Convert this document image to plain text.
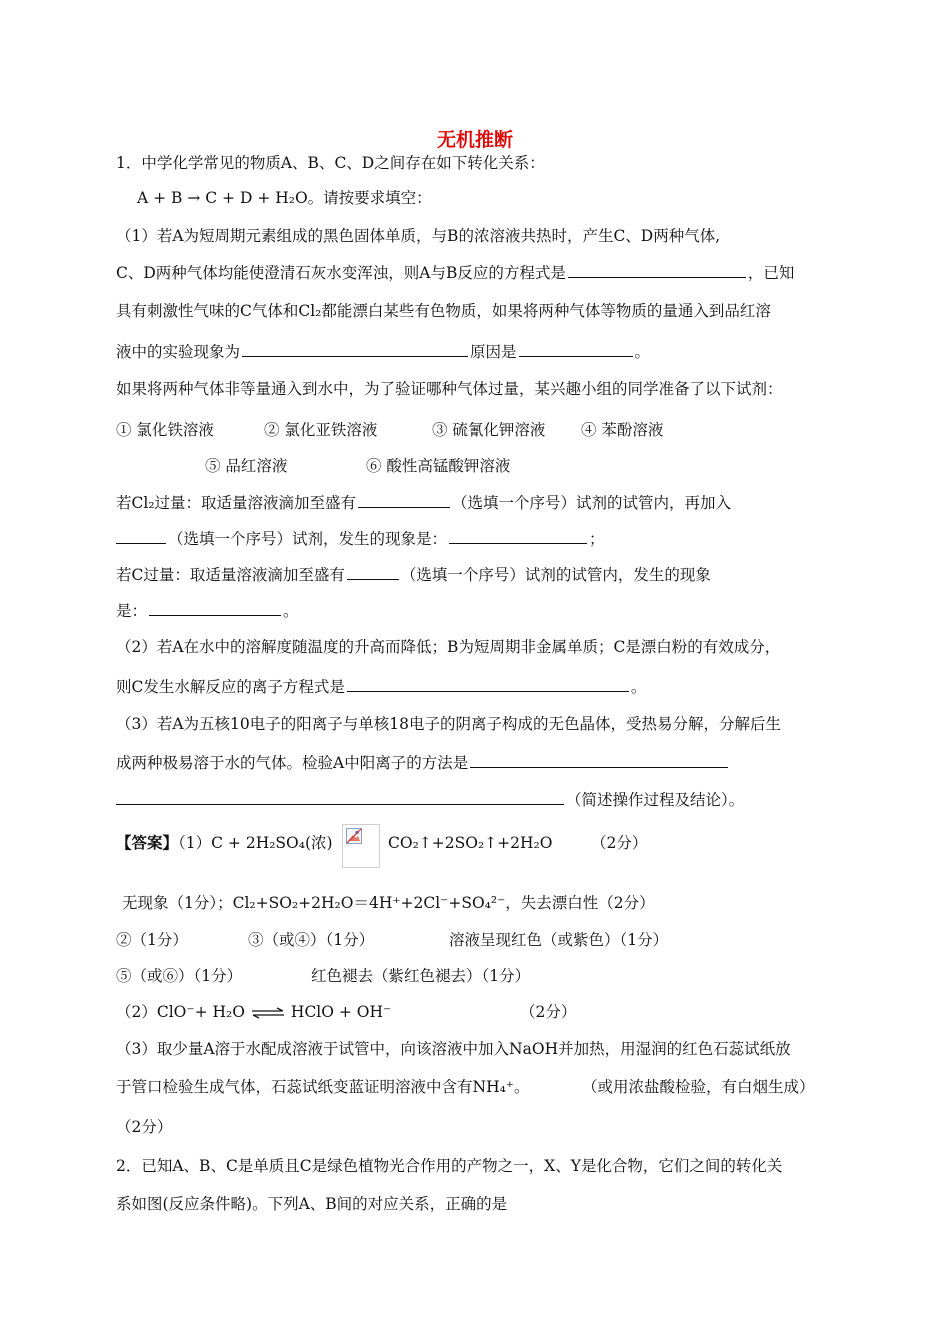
无机推断
1．中学化学常见的物质A、B、C、D之间存在如下转化关系：
A + B → C + D + H₂O。请按要求填空：
（1）若A为短周期元素组成的黑色固体单质，与B的浓溶液共热时，产生C、D两种气体,
C、D两种气体均能使澄清石灰水变浑浊，则A与B反应的方程式是	，已知
具有刺激性气味的C气体和Cl₂都能漂白某些有色物质，如果将两种气体等物质的量通入到品红溶
液中的实验现象为	原因是	。
如果将两种气体非等量通入到水中，为了验证哪种气体过量，某兴趣小组的同学准备了以下试剂：
① 氯化铁溶液	② 氯化亚铁溶液	③ 硫氰化钾溶液 ④ 苯酚溶液
⑤ 品红溶液	⑥ 酸性高锰酸钾溶液
若Cl₂过量：取适量溶液滴加至盛有	（选填一个序号）试剂的试管内，再加入
（选填一个序号）试剂，发生的现象是：	；
若C过量：取适量溶液滴加至盛有	（选填一个序号）试剂的试管内，发生的现象
是：	。
（2）若A在水中的溶解度随温度的升高而降低；B为短周期非金属单质；C是漂白粉的有效成分，
则C发生水解反应的离子方程式是	。
（3）若A为五核10电子的阳离子与单核18电子的阴离子构成的无色晶体，受热易分解，分解后生
成两种极易溶于水的气体。检验A中阳离子的方法是
（简述操作过程及结论）。
【答案】（1）C + 2H₂SO₄(浓)	CO₂↑+2SO₂↑+2H₂O （2分）
无现象（1分）；Cl₂+SO₂+2H₂O＝4H⁺+2Cl⁻+SO₄²⁻，失去漂白性（2分）
②（1分）	③（或④）（1分）	溶液呈现红色（或紫色）（1分）
⑤（或⑥）（1分）	红色褪去（紫红色褪去）（1分）
（2）ClO⁻+ H₂O ⇌ HClO + OH⁻	（2分）
（3）取少量A溶于水配成溶液于试管中，向该溶液中加入NaOH并加热，用湿润的红色石蕊试纸放
于管口检验生成气体，石蕊试纸变蓝证明溶液中含有NH₄⁺。	（或用浓盐酸检验，有白烟生成）
（2分）
2．已知A、B、C是单质且C是绿色植物光合作用的产物之一，X、Y是化合物，它们之间的转化关
系如图(反应条件略)。下列A、B间的对应关系，正确的是
